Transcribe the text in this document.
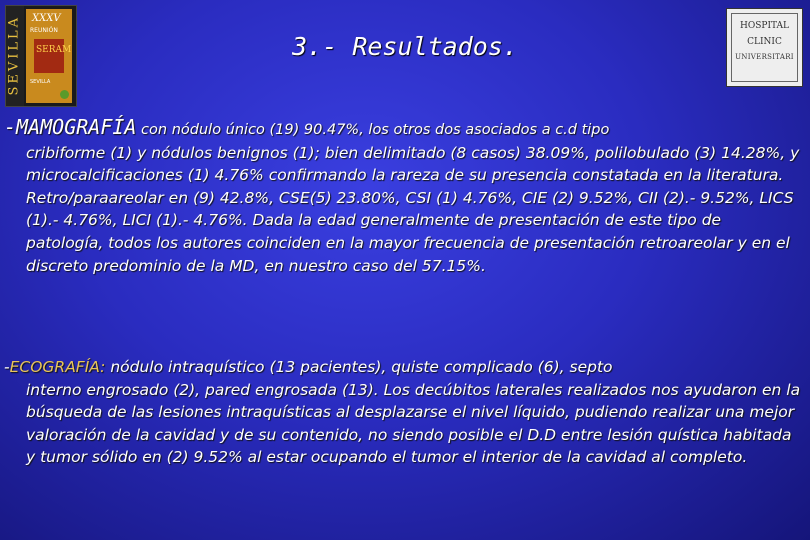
SEVILLA XXXV
REUNIÓN
SERAM
SEVILLA
3.- Resultados.
HOSPITAL
CLINIC
UNIVERSITARI
-MAMOGRAFÍA con nódulo único (19) 90.47%, los otros dos asociados a c.d tipo
cribiforme (1) y nódulos benignos (1); bien delimitado (8 casos) 38.09%, polilobulado (3) 14.28%, y microcalcificaciones (1) 4.76% confirmando la rareza de su presencia constatada en la literatura. Retro/paraareolar en (9) 42.8%, CSE(5) 23.80%, CSI (1) 4.76%, CIE (2) 9.52%, CII (2).- 9.52%, LICS (1).- 4.76%, LICI (1).- 4.76%. Dada la edad generalmente de presentación de este tipo de patología, todos los autores coinciden en la mayor frecuencia de presentación retroareolar y en el discreto predominio de la MD, en nuestro caso del 57.15%.
-ECOGRAFÍA: nódulo intraquístico (13 pacientes), quiste complicado (6), septo
interno engrosado (2), pared engrosada (13). Los decúbitos laterales realizados nos ayudaron en la búsqueda de las lesiones intraquísticas al desplazarse el nivel líquido, pudiendo realizar una mejor valoración de la cavidad y de su contenido, no siendo posible el D.D entre lesión quística habitada y tumor sólido en (2) 9.52% al estar ocupando el tumor el interior de la cavidad al completo.
